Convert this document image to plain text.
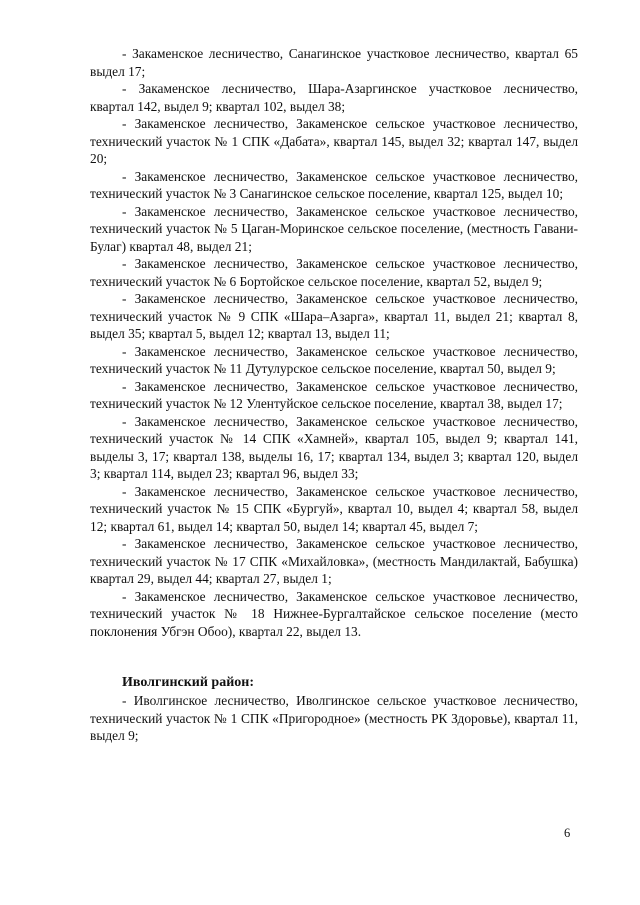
- Закаменское лесничество, Санагинское участковое лесничество, квартал 65 выдел 17;

- Закаменское лесничество, Шара-Азаргинское участковое лесничество, квартал 142, выдел 9; квартал 102, выдел 38;

- Закаменское лесничество, Закаменское сельское участковое лесничество, технический участок № 1 СПК «Дабата», квартал 145, выдел 32; квартал 147, выдел 20;

- Закаменское лесничество, Закаменское сельское участковое лесничество, технический участок № 3 Санагинское сельское поселение, квартал 125, выдел 10;

- Закаменское лесничество, Закаменское сельское участковое лесничество, технический участок № 5 Цаган-Моринское сельское поселение, (местность Гавани-Булаг) квартал 48, выдел 21;

- Закаменское лесничество, Закаменское сельское участковое лесничество, технический участок № 6 Бортойское сельское поселение, квартал 52, выдел 9;

- Закаменское лесничество, Закаменское сельское участковое лесничество, технический участок № 9 СПК «Шара–Азарга», квартал 11, выдел 21; квартал 8, выдел 35; квартал 5, выдел 12; квартал 13, выдел 11;

- Закаменское лесничество, Закаменское сельское участковое лесничество, технический участок № 11 Дутулурское сельское поселение, квартал 50, выдел 9;

- Закаменское лесничество, Закаменское сельское участковое лесничество, технический участок № 12 Улентуйское сельское поселение, квартал 38, выдел 17;

- Закаменское лесничество, Закаменское сельское участковое лесничество, технический участок № 14 СПК «Хамней», квартал 105, выдел 9; квартал 141, выделы 3, 17; квартал 138, выделы 16, 17; квартал 134, выдел 3; квартал 120, выдел 3; квартал 114, выдел 23; квартал 96, выдел 33;

- Закаменское лесничество, Закаменское сельское участковое лесничество, технический участок № 15 СПК «Бургуй», квартал 10, выдел 4; квартал 58, выдел 12; квартал 61, выдел 14; квартал 50, выдел 14; квартал 45, выдел 7;

- Закаменское лесничество, Закаменское сельское участковое лесничество, технический участок № 17 СПК «Михайловка», (местность Мандилактай, Бабушка) квартал 29, выдел 44; квартал 27, выдел 1;

- Закаменское лесничество, Закаменское сельское участковое лесничество, технический участок № 18 Нижнее-Бургалтайское сельское поселение (место поклонения Убгэн Обоо), квартал 22, выдел 13.

Иволгинский район:

- Иволгинское лесничество, Иволгинское сельское участковое лесничество, технический участок № 1 СПК «Пригородное» (местность РК Здоровье), квартал 11, выдел 9;

6
